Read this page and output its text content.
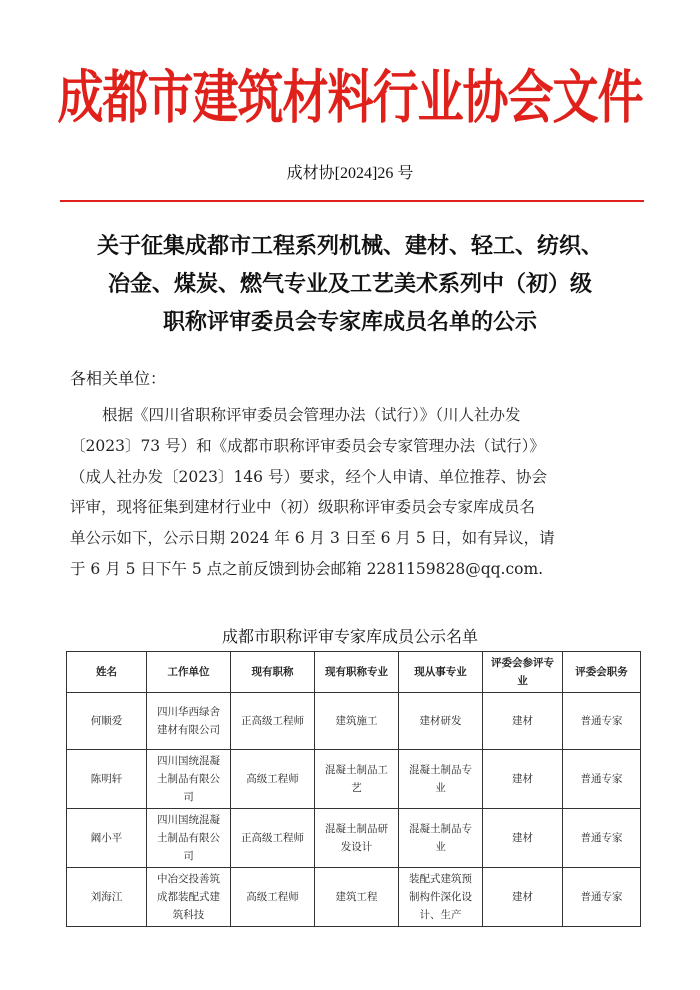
成都市建筑材料行业协会文件
成材协[2024]26 号
关于征集成都市工程系列机械、建材、轻工、纺织、
冶金、煤炭、燃气专业及工艺美术系列中（初）级
职称评审委员会专家库成员名单的公示
各相关单位：
根据《四川省职称评审委员会管理办法（试行）》（川人社办发
〔2023〕73 号）和《成都市职称评审委员会专家管理办法（试行）》
（成人社办发〔2023〕146 号）要求，经个人申请、单位推荐、协会
评审，现将征集到建材行业中（初）级职称评审委员会专家库成员名
单公示如下，公示日期 2024 年 6 月 3 日至 6 月 5 日，如有异议，请
于 6 月 5 日下午 5 点之前反馈到协会邮箱 2281159828@qq.com.
成都市职称评审专家库成员公示名单
姓名	工作单位	现有职称	现有职称专业	现从事专业	评委会参评专业	评委会职务
何顺爱	四川华西绿舍建材有限公司	正高级工程师	建筑施工	建材研发	建材	普通专家
陈明轩	四川国统混凝土制品有限公司	高级工程师	混凝土制品工艺	混凝土制品专业	建材	普通专家
阚小平	四川国统混凝土制品有限公司	正高级工程师	混凝土制品研发设计	混凝土制品专业	建材	普通专家
刘海江	中冶交投善筑成都装配式建筑科技	高级工程师	建筑工程	装配式建筑预制构件深化设计、生产	建材	普通专家
